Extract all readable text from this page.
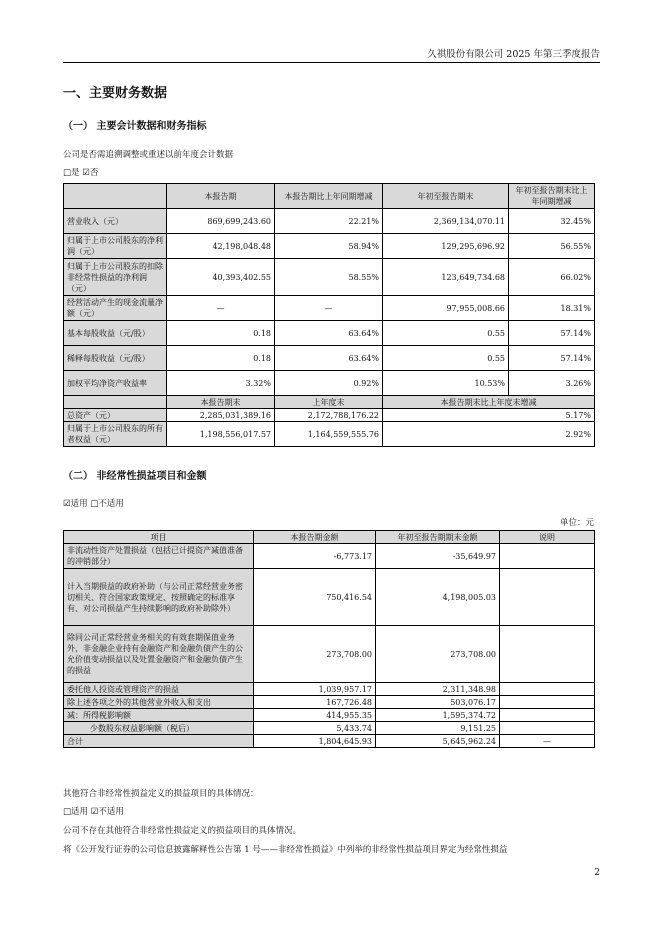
久祺股份有限公司 2025 年第三季度报告
一、主要财务数据
（一） 主要会计数据和财务指标
公司是否需追溯调整或重述以前年度会计数据
□是 ☑否
	本报告期	本报告期比上年同期增减	年初至报告期末	年初至报告期末比上年同期增减
营业收入（元）	869,699,243.60	22.21%	2,369,134,070.11	32.45%
归属于上市公司股东的净利润（元）	42,198,048.48	58.94%	129,295,696.92	56.55%
归属于上市公司股东的扣除非经常性损益的净利润（元）	40,393,402.55	58.55%	123,649,734.68	66.02%
经营活动产生的现金流量净额（元）	—	—	97,955,008.66	18.31%
基本每股收益（元/股）	0.18	63.64%	0.55	57.14%
稀释每股收益（元/股）	0.18	63.64%	0.55	57.14%
加权平均净资产收益率	3.32%	0.92%	10.53%	3.26%
	本报告期末	上年度末	本报告期末比上年度末增减	
总资产（元）	2,285,031,389.16	2,172,788,176.22	5.17%	
归属于上市公司股东的所有者权益（元）	1,198,556,017.57	1,164,559,555.76	2.92%	
（二） 非经常性损益项目和金额
☑适用 □不适用
单位：元
项目	本报告期金额	年初至报告期期末金额	说明
非流动性资产处置损益（包括已计提资产减值准备的冲销部分）	-6,773.17	-35,649.97	
计入当期损益的政府补助（与公司正常经营业务密切相关、符合国家政策规定、按照确定的标准享有、对公司损益产生持续影响的政府补助除外）	750,416.54	4,198,005.03	
除同公司正常经营业务相关的有效套期保值业务外，非金融企业持有金融资产和金融负债产生的公允价值变动损益以及处置金融资产和金融负债产生的损益	273,708.00	273,708.00	
委托他人投资或管理资产的损益	1,039,957.17	2,311,348.98	
除上述各项之外的其他营业外收入和支出	167,726.48	503,076.17	
减：所得税影响额	414,955.35	1,595,374.72	
少数股东权益影响额（税后）	5,433.74	9,151.25	
合计	1,804,645.93	5,645,962.24	—
其他符合非经常性损益定义的损益项目的具体情况：
□适用 ☑不适用
公司不存在其他符合非经常性损益定义的损益项目的具体情况。
将《公开发行证券的公司信息披露解释性公告第 1 号——非经常性损益》中列举的非经常性损益项目界定为经常性损益
2
